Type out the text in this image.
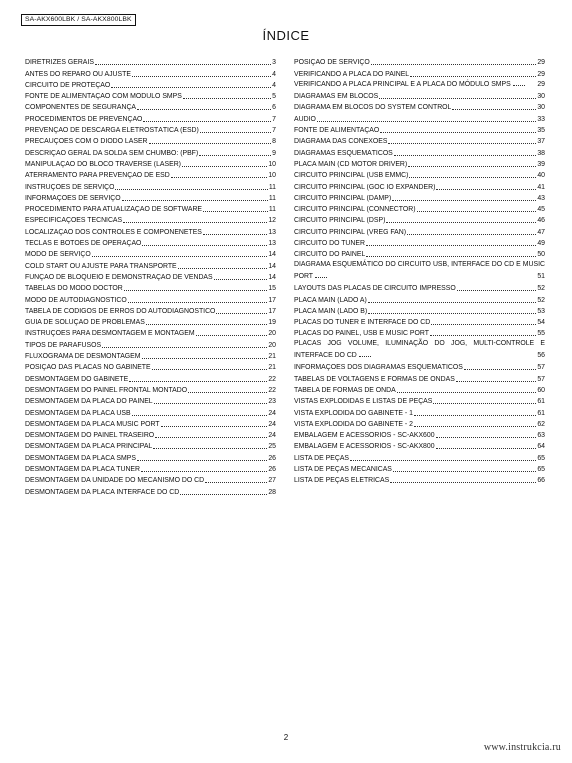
SA-AKX600LBK / SA-AKX800LBK
ÍNDICE
DIRETRIZES GERAIS	3
ANTES DO REPARO OU AJUSTE	4
CIRCUITO DE PROTEÇÃO	4
FONTE DE ALIMENTAÇÃO COM MÓDULO SMPS	5
COMPONENTES DE SEGURANÇA	6
PROCEDIMENTOS DE PREVENÇÃO	7
PREVENÇÃO DE DESCARGA ELETROSTÁTICA (ESD)	7
PRECAUÇÕES COM O DIODO LASER	8
DESCRIÇÃO GERAL DA SOLDA SEM CHUMBO: (PBF)	9
MANIPULAÇÃO DO BLOCO TRAVERSE (LASER)	10
ATERRAMENTO PARA PREVENÇÃO DE ESD	10
INSTRUÇÕES DE SERVIÇO	11
INFORMAÇÕES DE SERVIÇO	11
PROCEDIMENTO PARA ATUALIZAÇÃO DE SOFTWARE	11
ESPECIFICAÇÕES TÉCNICAS	12
LOCALIZAÇÃO DOS CONTROLES E COMPONENETES	13
TECLAS E BOTÕES DE OPERAÇÃO	13
MODO DE SERVIÇO	14
COLD START OU AJUSTE PARA TRANSPORTE	14
FUNÇÃO DE BLOQUEIO E DEMONSTRAÇÃO DE VENDAS	14
TABELAS DO MODO DOCTOR	15
MODO DE AUTODIAGNÓSTICO	17
TABELA DE CÓDIGOS DE ERROS DO AUTODIAGNÓSTICO	17
GUIA DE SOLUÇÃO DE PROBLEMAS	19
INSTRUÇÕES PARA DESMONTAGEM E MONTAGEM	20
TIPOS DE PARAFUSOS	20
FLUXOGRAMA DE DESMONTAGEM	21
POSIÇÃO DAS PLACAS NO GABINETE	21
DESMONTAGEM DO GABINETE	22
DESMONTAGEM DO PAINEL FRONTAL MONTADO	22
DESMONTAGEM DA PLACA DO PAINEL	23
DESMONTAGEM DA PLACA USB	24
DESMONTAGEM DA PLACA MUSIC PORT	24
DESMONTAGEM DO PAINEL TRASEIRO	24
DESMONTAGEM DA PLACA PRINCIPAL	25
DESMONTAGEM DA PLACA SMPS	26
DESMONTAGEM DA PLACA TUNER	26
DESMONTAGEM DA UNIDADE DO MECANISMO DO CD	27
DESMONTAGEM DA PLACA INTERFACE DO CD	28
POSIÇÃO DE SERVIÇO	29
VERIFICANDO A PLACA DO PAINEL	29
VERIFICANDO A PLACA PRINCIPAL E A PLACA DO MÓDULO SMPS	29
DIAGRAMAS EM BLOCOS	30
DIAGRAMA EM BLOCOS DO SYSTEM CONTROL	30
ÁUDIO	33
FONTE DE ALIMENTAÇÃO	35
DIAGRAMA DAS CONEXÕES	37
DIAGRAMAS ESQUEMÁTICOS	38
PLACA MAIN (CD MOTOR DRIVER)	39
CIRCUITO PRINCIPAL (USB EMMC)	40
CIRCUITO PRINCIPAL (GOC IO EXPANDER)	41
CIRCUITO PRINCIPAL (DAMP)	43
CIRCUITO PRINCIPAL (CONNECTOR)	45
CIRCUITO PRINCIPAL (DSP)	46
CIRCUITO PRINCIPAL (VREG FAN)	47
CIRCUITO DO TUNER	49
CIRCUITO DO PAINEL	50
DIAGRAMA ESQUEMÁTICO DO CIRCUITO USB, INTERFACE DO CD E MUSIC PORT	51
LAYOUTS DAS PLACAS DE CIRCUITO IMPRESSO	52
PLACA MAIN (LADO A)	52
PLACA MAIN (LADO B)	53
PLACAS DO TUNER E INTERFACE DO CD	54
PLACAS DO PAINEL, USB E MUSIC PORT	55
PLACAS JOG VOLUME, ILUMINAÇÃO DO JOG, MULTI-CONTROLE E INTERFACE DO CD	56
INFORMAÇÕES DOS DIAGRAMAS ESQUEMÁTICOS	57
TABELAS DE VOLTAGENS E FORMAS DE ONDAS	57
TABELA DE FORMAS DE ONDA	60
VISTAS EXPLODIDAS E LISTAS DE PEÇAS	61
VISTA EXPLODIDA DO GABINETE - 1	61
VISTA EXPLODIDA DO GABINETE - 2	62
EMBALAGEM E ACESSÓRIOS - SC-AKX600	63
EMBALAGEM E ACESSÓRIOS - SC-AKX800	64
LISTA DE PEÇAS	65
LISTA DE PEÇAS MECÂNICAS	65
LISTA DE PEÇAS ELÉTRICAS	66
2
www.instrukcia.ru
